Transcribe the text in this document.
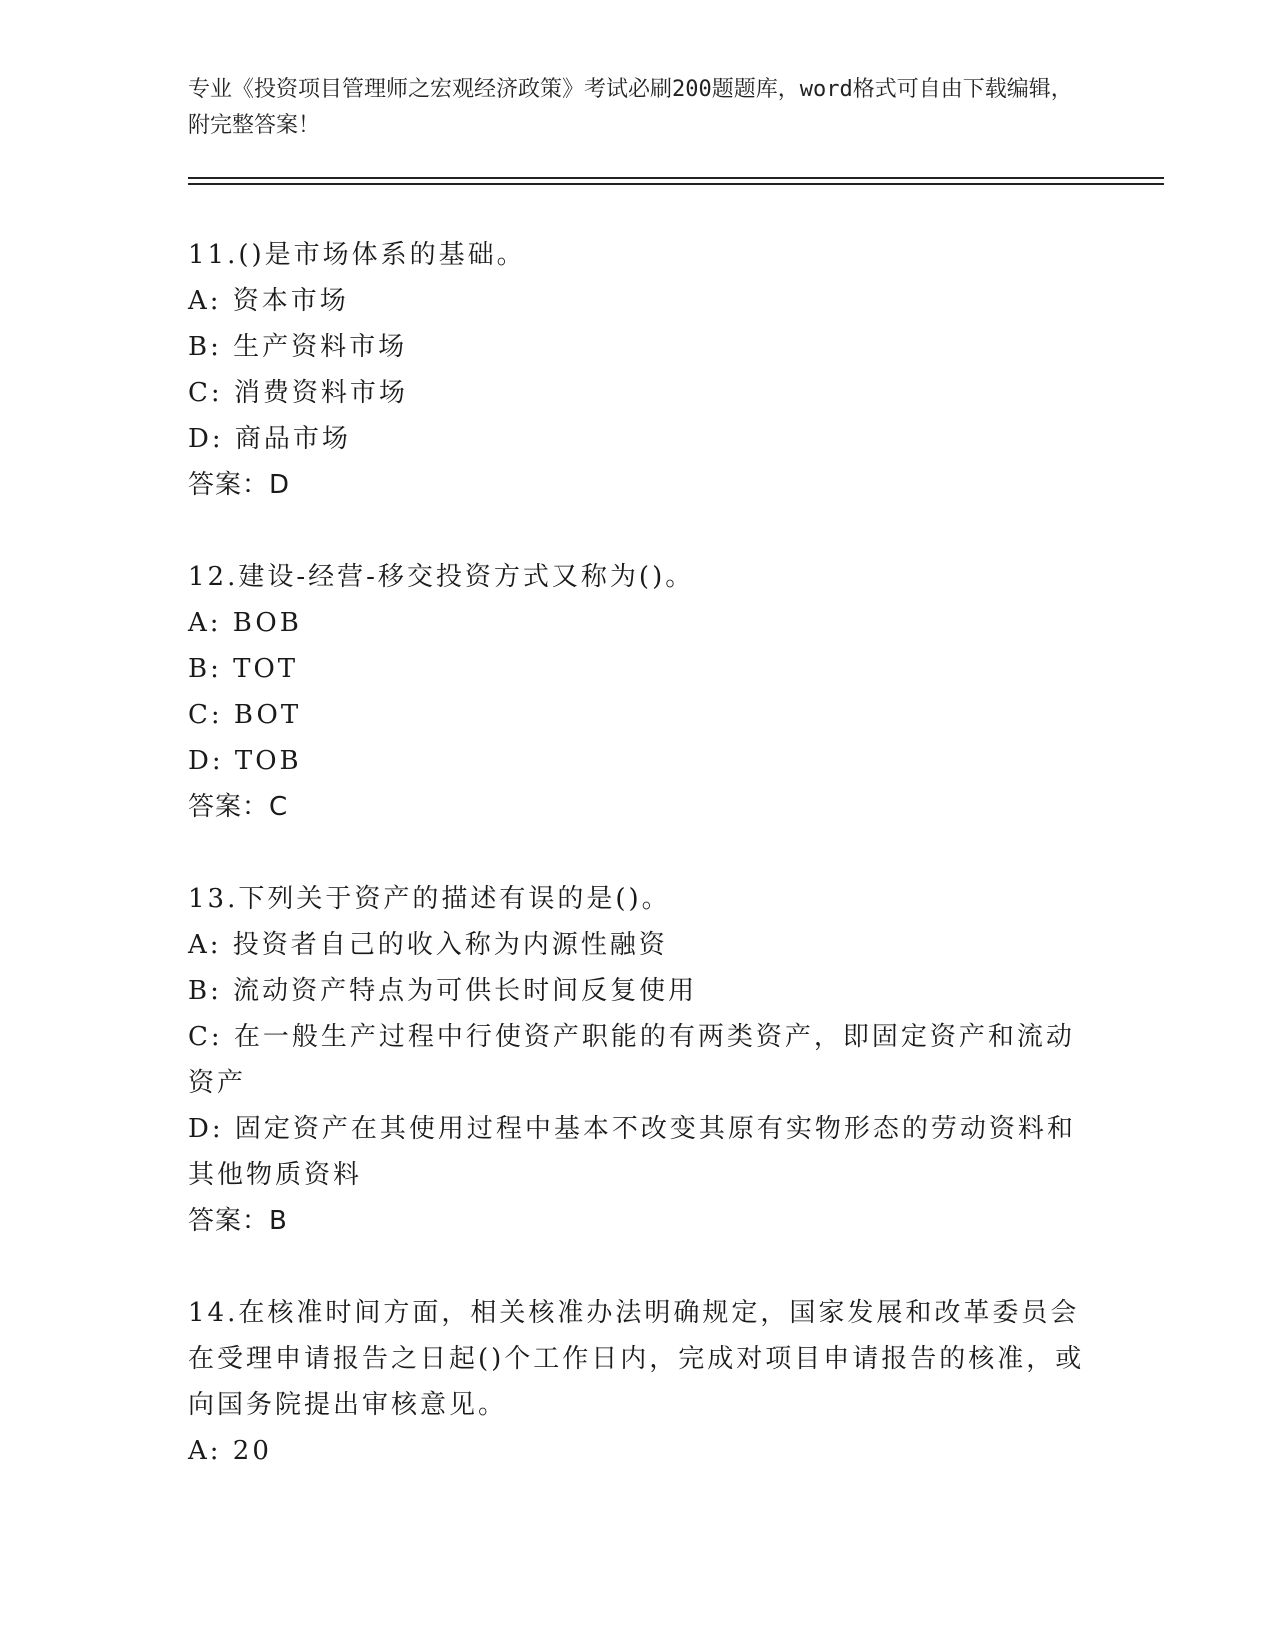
专业《投资项目管理师之宏观经济政策》考试必刷200题题库，word格式可自由下载编辑，附完整答案！
11.()是市场体系的基础。
A: 资本市场
B: 生产资料市场
C: 消费资料市场
D: 商品市场
答案：D
12.建设-经营-移交投资方式又称为()。
A: BOB
B: TOT
C: BOT
D: TOB
答案：C
13.下列关于资产的描述有误的是()。
A: 投资者自己的收入称为内源性融资
B: 流动资产特点为可供长时间反复使用
C: 在一般生产过程中行使资产职能的有两类资产，即固定资产和流动资产
D: 固定资产在其使用过程中基本不改变其原有实物形态的劳动资料和其他物质资料
答案：B
14.在核准时间方面，相关核准办法明确规定，国家发展和改革委员会在受理申请报告之日起()个工作日内，完成对项目申请报告的核准，或向国务院提出审核意见。
A: 20
